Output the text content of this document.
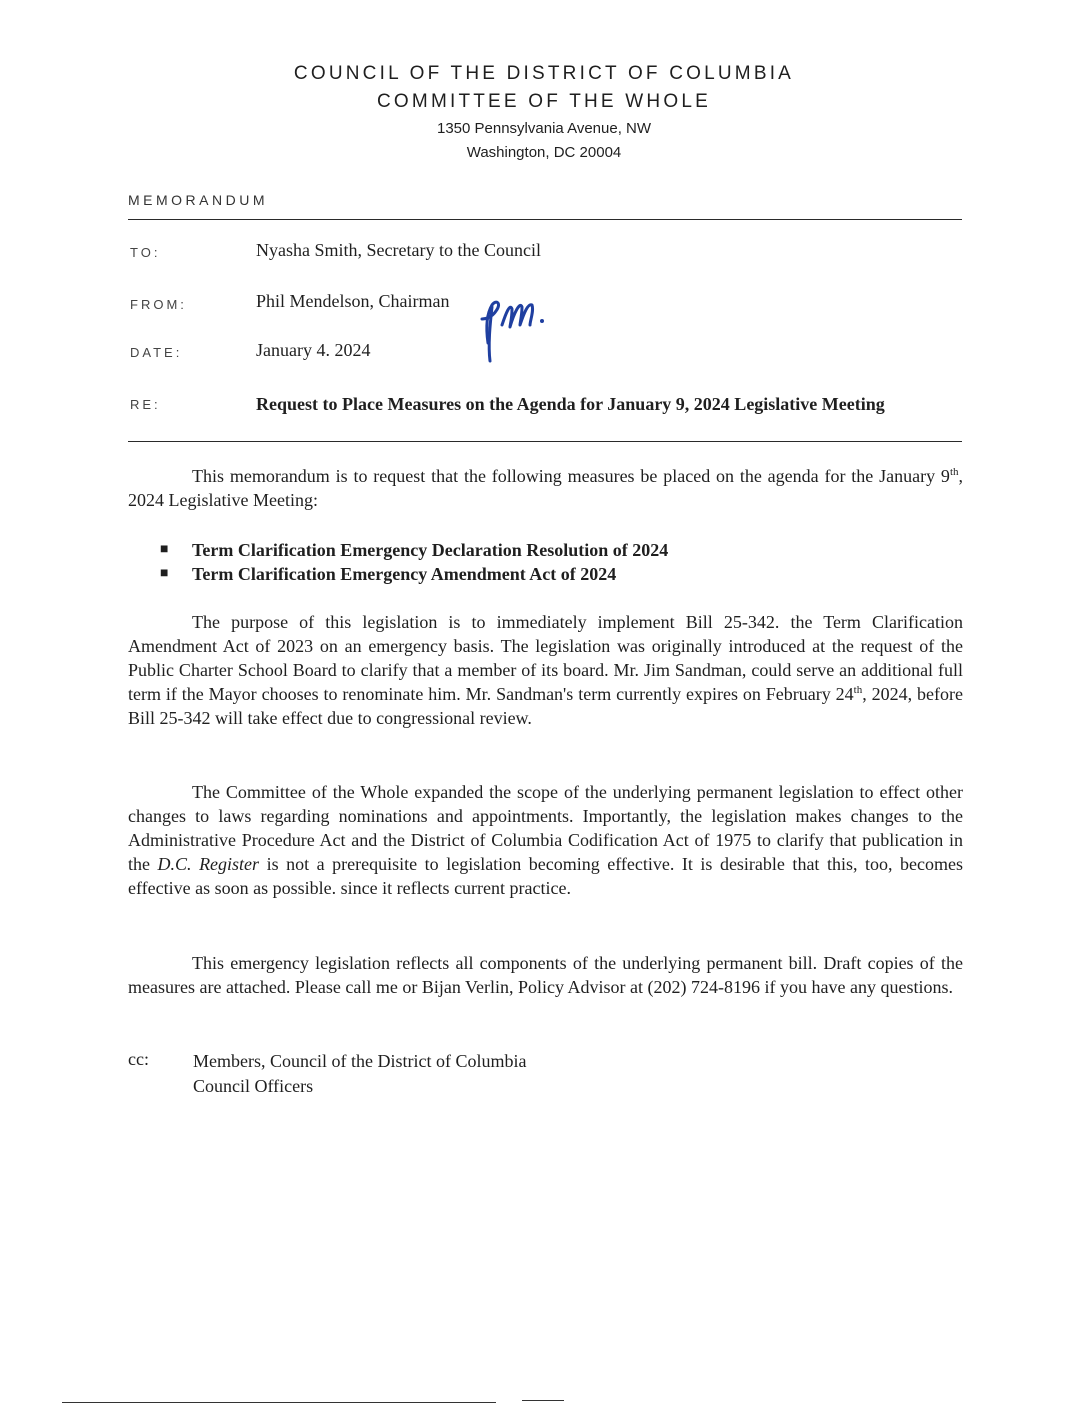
COUNCIL OF THE DISTRICT OF COLUMBIA
COMMITTEE OF THE WHOLE
1350 Pennsylvania Avenue, NW
Washington, DC 20004
MEMORANDUM
TO:	Nyasha Smith, Secretary to the Council
FROM:	Phil Mendelson, Chairman
DATE:	January 4. 2024
RE:	Request to Place Measures on the Agenda for January 9, 2024 Legislative Meeting

This memorandum is to request that the following measures be placed on the agenda for the January 9th, 2024 Legislative Meeting:

■ Term Clarification Emergency Declaration Resolution of 2024
■ Term Clarification Emergency Amendment Act of 2024

The purpose of this legislation is to immediately implement Bill 25-342. the Term Clarification Amendment Act of 2023 on an emergency basis. The legislation was originally introduced at the request of the Public Charter School Board to clarify that a member of its board. Mr. Jim Sandman, could serve an additional full term if the Mayor chooses to renominate him. Mr. Sandman's term currently expires on February 24th, 2024, before Bill 25-342 will take effect due to congressional review.

The Committee of the Whole expanded the scope of the underlying permanent legislation to effect other changes to laws regarding nominations and appointments. Importantly, the legislation makes changes to the Administrative Procedure Act and the District of Columbia Codification Act of 1975 to clarify that publication in the D.C. Register is not a prerequisite to legislation becoming effective. It is desirable that this, too, becomes effective as soon as possible. since it reflects current practice.

This emergency legislation reflects all components of the underlying permanent bill. Draft copies of the measures are attached. Please call me or Bijan Verlin, Policy Advisor at (202) 724-8196 if you have any questions.

cc: Members, Council of the District of Columbia
Council Officers
